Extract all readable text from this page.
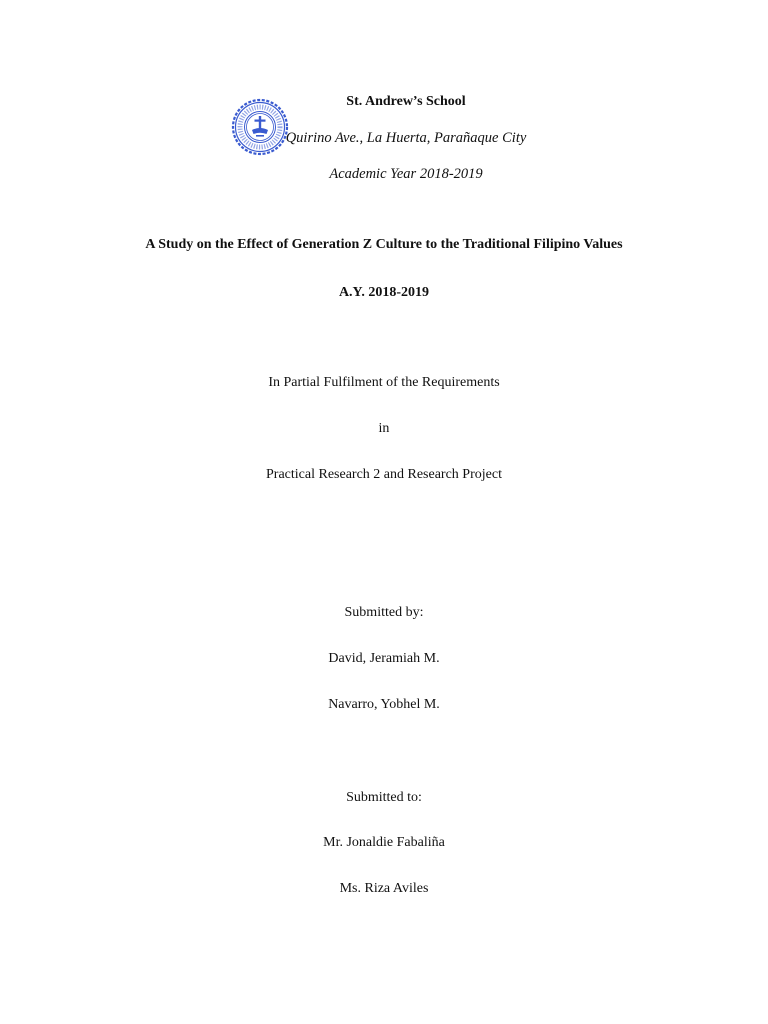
St. Andrew’s School
Quirino Ave., La Huerta, Parañaque City
Academic Year 2018-2019
A Study on the Effect of Generation Z Culture to the Traditional Filipino Values
A.Y. 2018-2019
In Partial Fulfilment of the Requirements
in
Practical Research 2 and Research Project
Submitted by:
David, Jeramiah M.
Navarro, Yobhel M.
Submitted to:
Mr. Jonaldie Fabaliña
Ms. Riza Aviles
